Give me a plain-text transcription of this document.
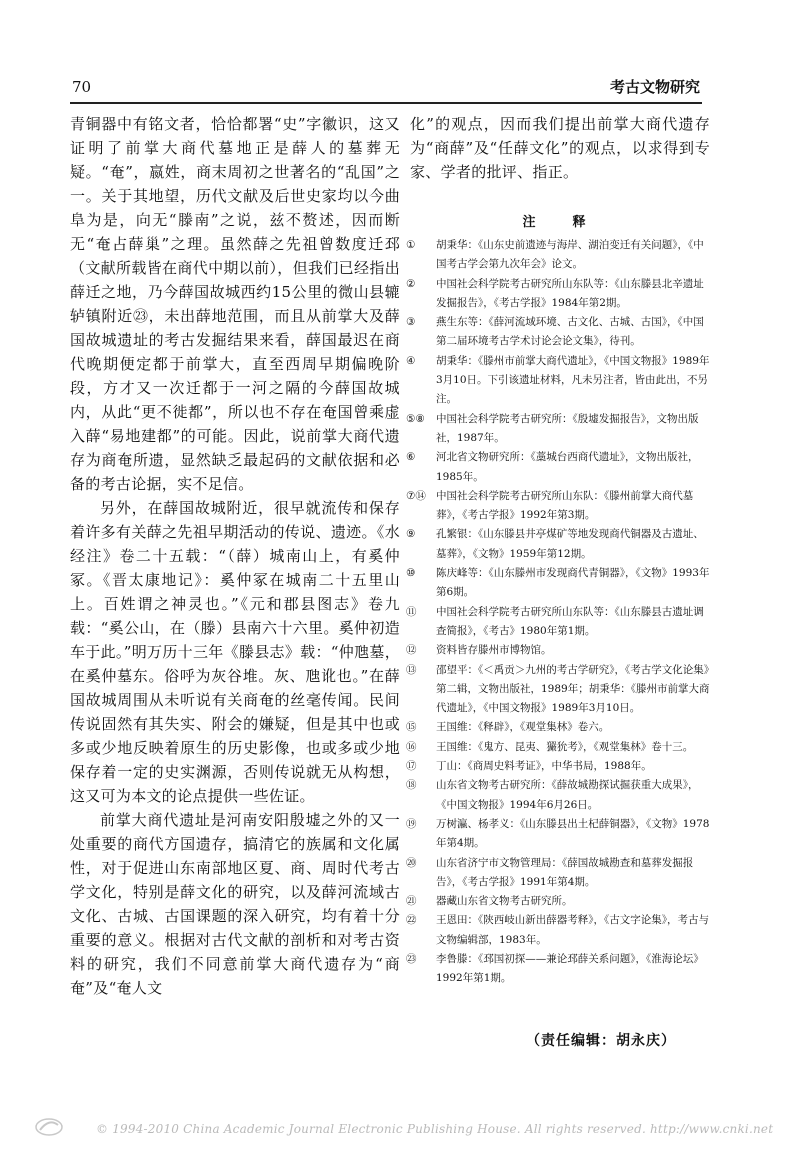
70	考古文物研究

青铜器中有铭文者，恰恰都署“史”字徽识，这又证明了前掌大商代墓地正是薛人的墓葬无疑。“奄”，嬴姓，商末周初之世著名的“乱国”之一。关于其地望，历代文献及后世史家均以今曲阜为是，向无“滕南”之说，兹不赘述，因而断无“奄占薛巢”之理。虽然薛之先祖曾数度迁邳（文献所载皆在商代中期以前），但我们已经指出薛迁之地，乃今薛国故城西约15公里的微山县辘轳镇附近㉓，未出薛地范围，而且从前掌大及薛国故城遗址的考古发掘结果来看，薛国最迟在商代晚期便定都于前掌大，直至西周早期偏晚阶段，方才又一次迁都于一河之隔的今薛国故城内，从此“更不徙都”，所以也不存在奄国曾乘虚入薛“易地建都”的可能。因此，说前掌大商代遗存为商奄所遗，显然缺乏最起码的文献依据和必备的考古论据，实不足信。

另外，在薛国故城附近，很早就流传和保存着许多有关薛之先祖早期活动的传说、遗迹。《水经注》卷二十五载：“（薛）城南山上，有奚仲冢。《晋太康地记》：奚仲冢在城南二十五里山上。百姓谓之神灵也。”《元和郡县图志》卷九载：“奚公山，在（滕）县南六十六里。奚仲初造车于此。”明万历十三年《滕县志》载：“仲虺墓，在奚仲墓东。俗呼为灰谷堆。灰、虺讹也。”在薛国故城周围从未听说有关商奄的丝毫传闻。民间传说固然有其失实、附会的嫌疑，但是其中也或多或少地反映着原生的历史影像，也或多或少地保存着一定的史实渊源，否则传说就无从构想，这又可为本文的论点提供一些佐证。

前掌大商代遗址是河南安阳殷墟之外的又一处重要的商代方国遗存，搞清它的族属和文化属性，对于促进山东南部地区夏、商、周时代考古学文化，特别是薛文化的研究，以及薛河流域古文化、古城、古国课题的深入研究，均有着十分重要的意义。根据对古代文献的剖析和对考古资料的研究，我们不同意前掌大商代遗存为“商奄”及“奄人文

化”的观点，因而我们提出前掌大商代遗存为“商薛”及“任薛文化”的观点，以求得到专家、学者的批评、指正。

注　释
①	胡秉华：《山东史前遗迹与海岸、湖泊变迁有关问题》，《中国考古学会第九次年会》论文。
②	中国社会科学院考古研究所山东队等：《山东滕县北辛遗址发掘报告》，《考古学报》1984年第2期。
③	燕生东等：《薛河流域环境、古文化、古城、古国》，《中国第二届环境考古学术讨论会论文集》，待刊。
④	胡秉华：《滕州市前掌大商代遗址》，《中国文物报》1989年3月10日。下引该遗址材料，凡未另注者，皆由此出，不另注。
⑤⑧	中国社会科学院考古研究所：《殷墟发掘报告》，文物出版社，1987年。
⑥	河北省文物研究所：《藁城台西商代遗址》，文物出版社，1985年。
⑦⑭ 中国社会科学院考古研究所山东队：《滕州前掌大商代墓葬》，《考古学报》1992年第3期。
⑨	孔繁银：《山东滕县井亭煤矿等地发现商代铜器及古遗址、墓葬》，《文物》1959年第12期。
⑩	陈庆峰等：《山东滕州市发现商代青铜器》，《文物》1993年第6期。
⑪	中国社会科学院考古研究所山东队等：《山东滕县古遗址调查简报》，《考古》1980年第1期。
⑫	资料皆存滕州市博物馆。
⑬	邵望平：《＜禹贡＞九州的考古学研究》，《考古学文化论集》第二辑，文物出版社，1989年；胡秉华：《滕州市前掌大商代遗址》，《中国文物报》1989年3月10日。
⑮	王国维：《释辟》，《观堂集林》卷六。
⑯	王国维：《鬼方、昆夷、玁狁考》，《观堂集林》卷十三。
⑰	丁山：《商周史料考证》，中华书局，1988年。
⑱	山东省文物考古研究所：《薛故城勘探试掘获重大成果》，《中国文物报》1994年6月26日。
⑲	万树瀛、杨孝义：《山东滕县出土杞薛铜器》，《文物》1978年第4期。
⑳	山东省济宁市文物管理局：《薛国故城勘查和墓葬发掘报告》，《考古学报》1991年第4期。
㉑	器藏山东省文物考古研究所。
㉒	王恩田：《陕西岐山新出薛器考释》，《古文字论集》，考古与文物编辑部，1983年。
㉓	李鲁滕：《邳国初探——兼论邳薛关系问题》，《淮海论坛》1992年第1期。
（责任编辑：胡永庆）
© 1994-2010 China Academic Journal Electronic Publishing House. All rights reserved. http://www.cnki.net
